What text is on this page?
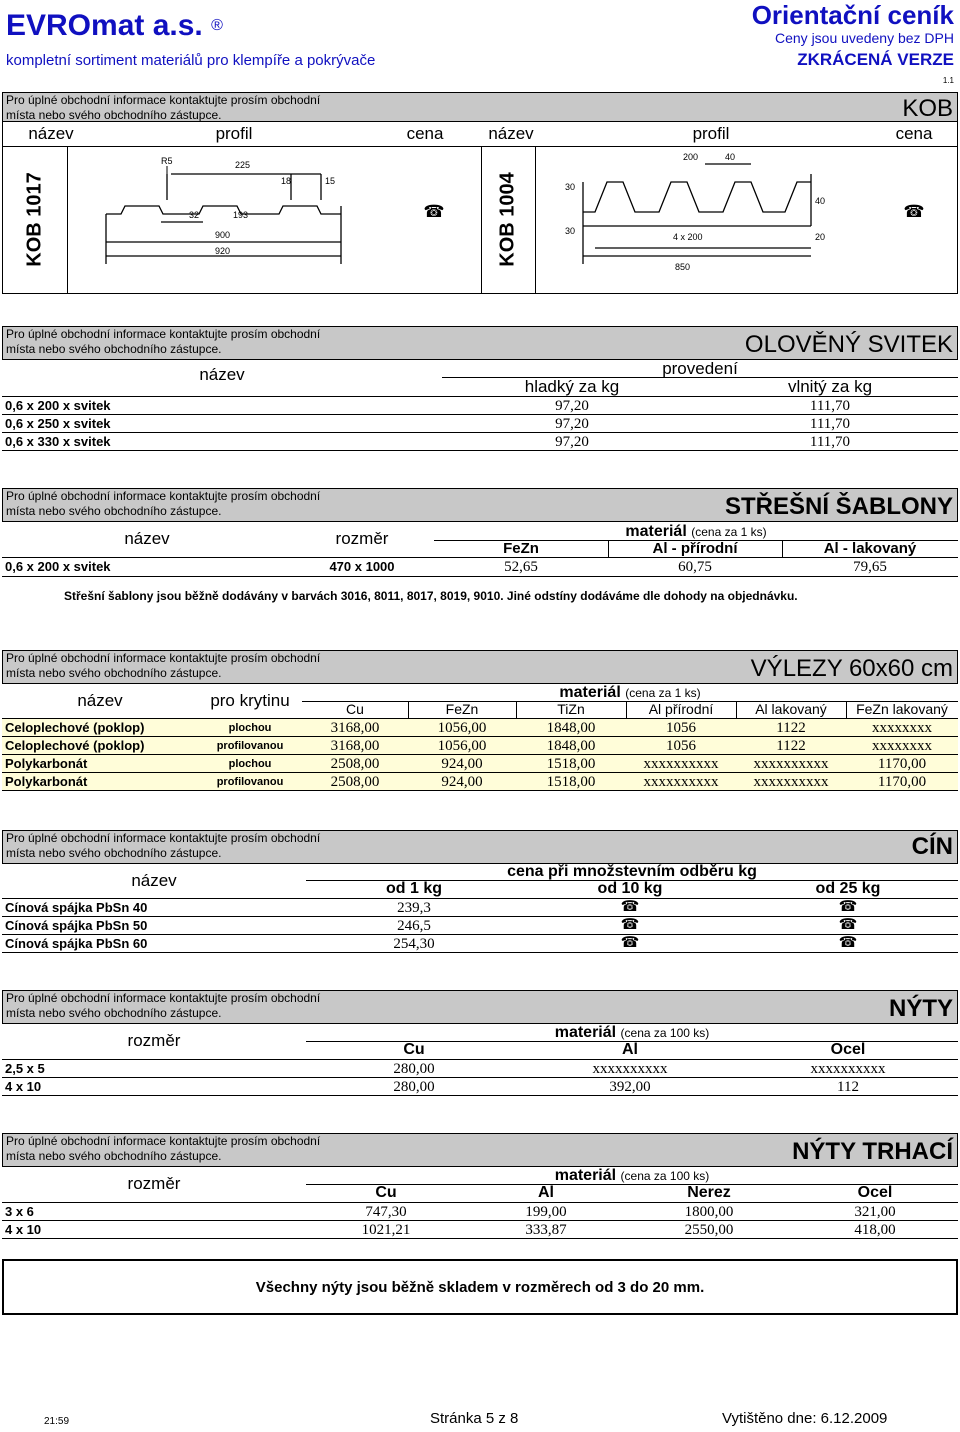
EVROmat a.s. ®
kompletní sortiment materiálů pro klempíře a pokrývače
Orientační ceník
Ceny jsou uvedeny bez DPH
ZKRÁCENÁ VERZE
1.1
Pro úplné obchodní informace kontaktujte prosím obchodní místa nebo svého obchodního zástupce.	KOB
název	profil	cena	název	profil	cena
KOB 1017	KOB 1004
R5	225
18	15
32	193
900
920
☎
200	40
30
40
30
4 x 200	20
850
☎
Pro úplné obchodní informace kontaktujte prosím obchodní místa nebo svého obchodního zástupce.	OLOVĚNÝ SVITEK
název	provedení
hladký za kg	vlnitý za kg
0,6 x 200 x svitek	97,20	111,70
0,6 x 250 x svitek	97,20	111,70
0,6 x 330 x svitek	97,20	111,70
Pro úplné obchodní informace kontaktujte prosím obchodní místa nebo svého obchodního zástupce.	STŘEŠNÍ ŠABLONY
název	rozměr	materiál (cena za 1 ks)
FeZn	Al - přírodní	Al - lakovaný
0,6 x 200 x svitek	470 x 1000	52,65	60,75	79,65
Střešní šablony jsou běžně dodávány v barvách 3016, 8011, 8017, 8019, 9010. Jiné odstíny dodáváme dle dohody na objednávku.
Pro úplné obchodní informace kontaktujte prosím obchodní místa nebo svého obchodního zástupce.	VÝLEZY 60x60 cm
název	pro krytinu	materiál (cena za 1 ks)
Cu	FeZn	TiZn	Al přírodní	Al lakovaný	FeZn lakovaný
Celoplechové (poklop)	plochou	3168,00	1056,00	1848,00	1056	1122	xxxxxxxx
Celoplechové (poklop)	profilovanou	3168,00	1056,00	1848,00	1056	1122	xxxxxxxx
Polykarbonát	plochou	2508,00	924,00	1518,00	xxxxxxxxxx	xxxxxxxxxx	1170,00
Polykarbonát	profilovanou	2508,00	924,00	1518,00	xxxxxxxxxx	xxxxxxxxxx	1170,00
Pro úplné obchodní informace kontaktujte prosím obchodní místa nebo svého obchodního zástupce.	CÍN
název	cena při množstevním odběru kg
od 1 kg	od 10 kg	od 25 kg
Cínová spájka PbSn 40	239,3	☎	☎
Cínová spájka PbSn 50	246,5	☎	☎
Cínová spájka PbSn 60	254,30	☎	☎
Pro úplné obchodní informace kontaktujte prosím obchodní místa nebo svého obchodního zástupce.	NÝTY
rozměr	materiál (cena za 100 ks)
Cu	Al	Ocel
2,5 x 5	280,00	xxxxxxxxxx	xxxxxxxxxx
4 x 10	280,00	392,00	112
Pro úplné obchodní informace kontaktujte prosím obchodní místa nebo svého obchodního zástupce.	NÝTY TRHACÍ
rozměr	materiál (cena za 100 ks)
Cu	Al	Nerez	Ocel
3 x 6	747,30	199,00	1800,00	321,00
4 x 10	1021,21	333,87	2550,00	418,00
Všechny nýty jsou běžně skladem v rozměrech od 3 do 20 mm.
21:59	Stránka 5 z 8	Vytištěno dne: 6.12.2009
